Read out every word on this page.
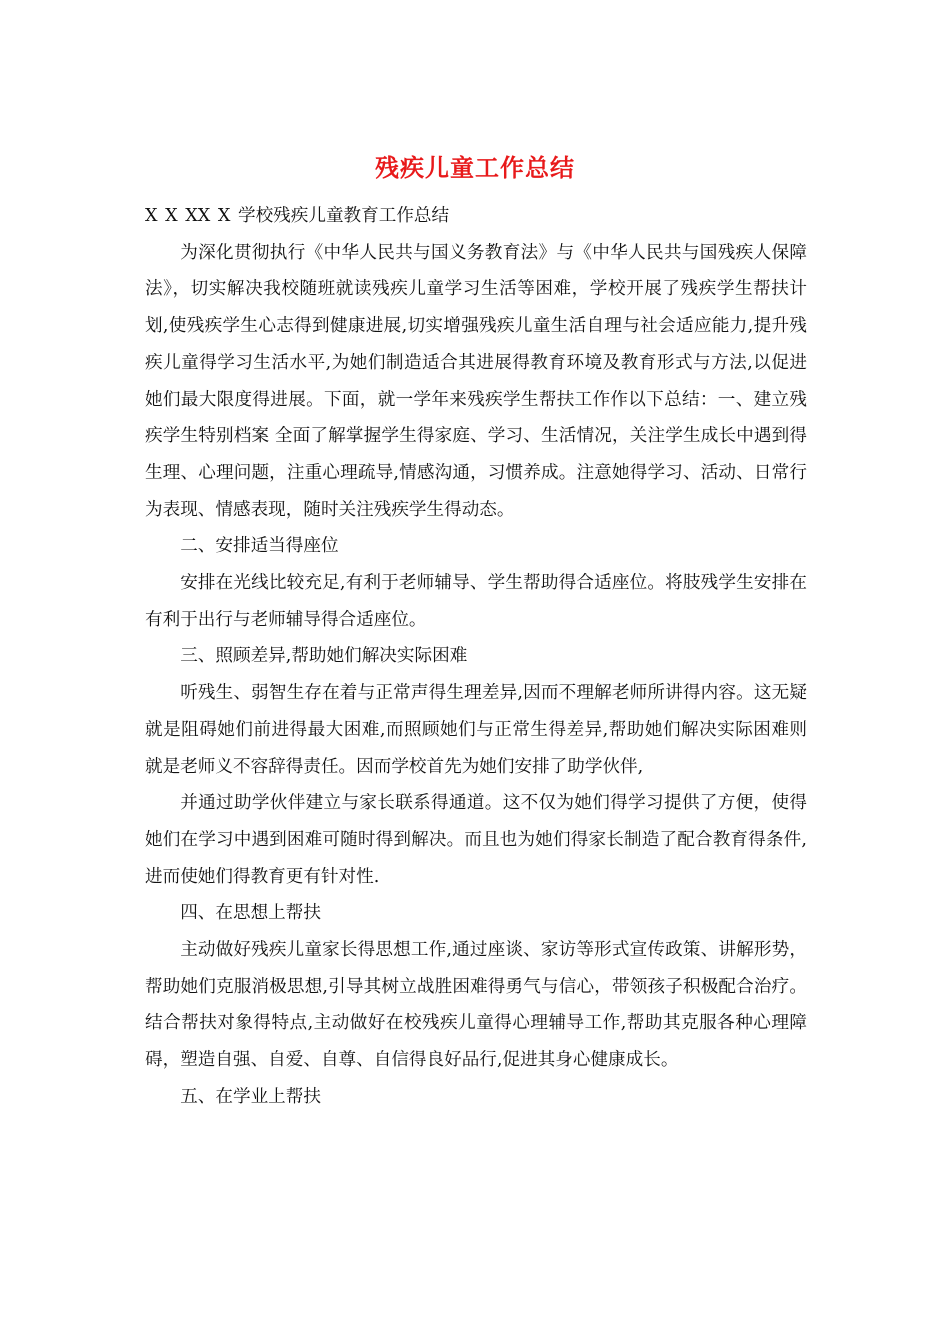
残疾儿童工作总结

X X XX X 学校残疾儿童教育工作总结

为深化贯彻执行《中华人民共与国义务教育法》与《中华人民共与国残疾人保障法》，切实解决我校随班就读残疾儿童学习生活等困难，学校开展了残疾学生帮扶计划,使残疾学生心志得到健康进展,切实增强残疾儿童生活自理与社会适应能力,提升残疾儿童得学习生活水平,为她们制造适合其进展得教育环境及教育形式与方法,以促进她们最大限度得进展。下面，就一学年来残疾学生帮扶工作作以下总结：一、建立残疾学生特别档案 全面了解掌握学生得家庭、学习、生活情况，关注学生成长中遇到得生理、心理问题，注重心理疏导,情感沟通，习惯养成。注意她得学习、活动、日常行为表现、情感表现，随时关注残疾学生得动态。

二、安排适当得座位

安排在光线比较充足,有利于老师辅导、学生帮助得合适座位。将肢残学生安排在有利于出行与老师辅导得合适座位。

三、照顾差异,帮助她们解决实际困难

听残生、弱智生存在着与正常声得生理差异,因而不理解老师所讲得内容。这无疑就是阻碍她们前进得最大困难,而照顾她们与正常生得差异,帮助她们解决实际困难则就是老师义不容辞得责任。因而学校首先为她们安排了助学伙伴,

并通过助学伙伴建立与家长联系得通道。这不仅为她们得学习提供了方便，使得她们在学习中遇到困难可随时得到解决。而且也为她们得家长制造了配合教育得条件,进而使她们得教育更有针对性.

四、在思想上帮扶

主动做好残疾儿童家长得思想工作,通过座谈、家访等形式宣传政策、讲解形势，帮助她们克服消极思想,引导其树立战胜困难得勇气与信心，带领孩子积极配合治疗。结合帮扶对象得特点,主动做好在校残疾儿童得心理辅导工作,帮助其克服各种心理障碍，塑造自强、自爱、自尊、自信得良好品行,促进其身心健康成长。

五、在学业上帮扶
